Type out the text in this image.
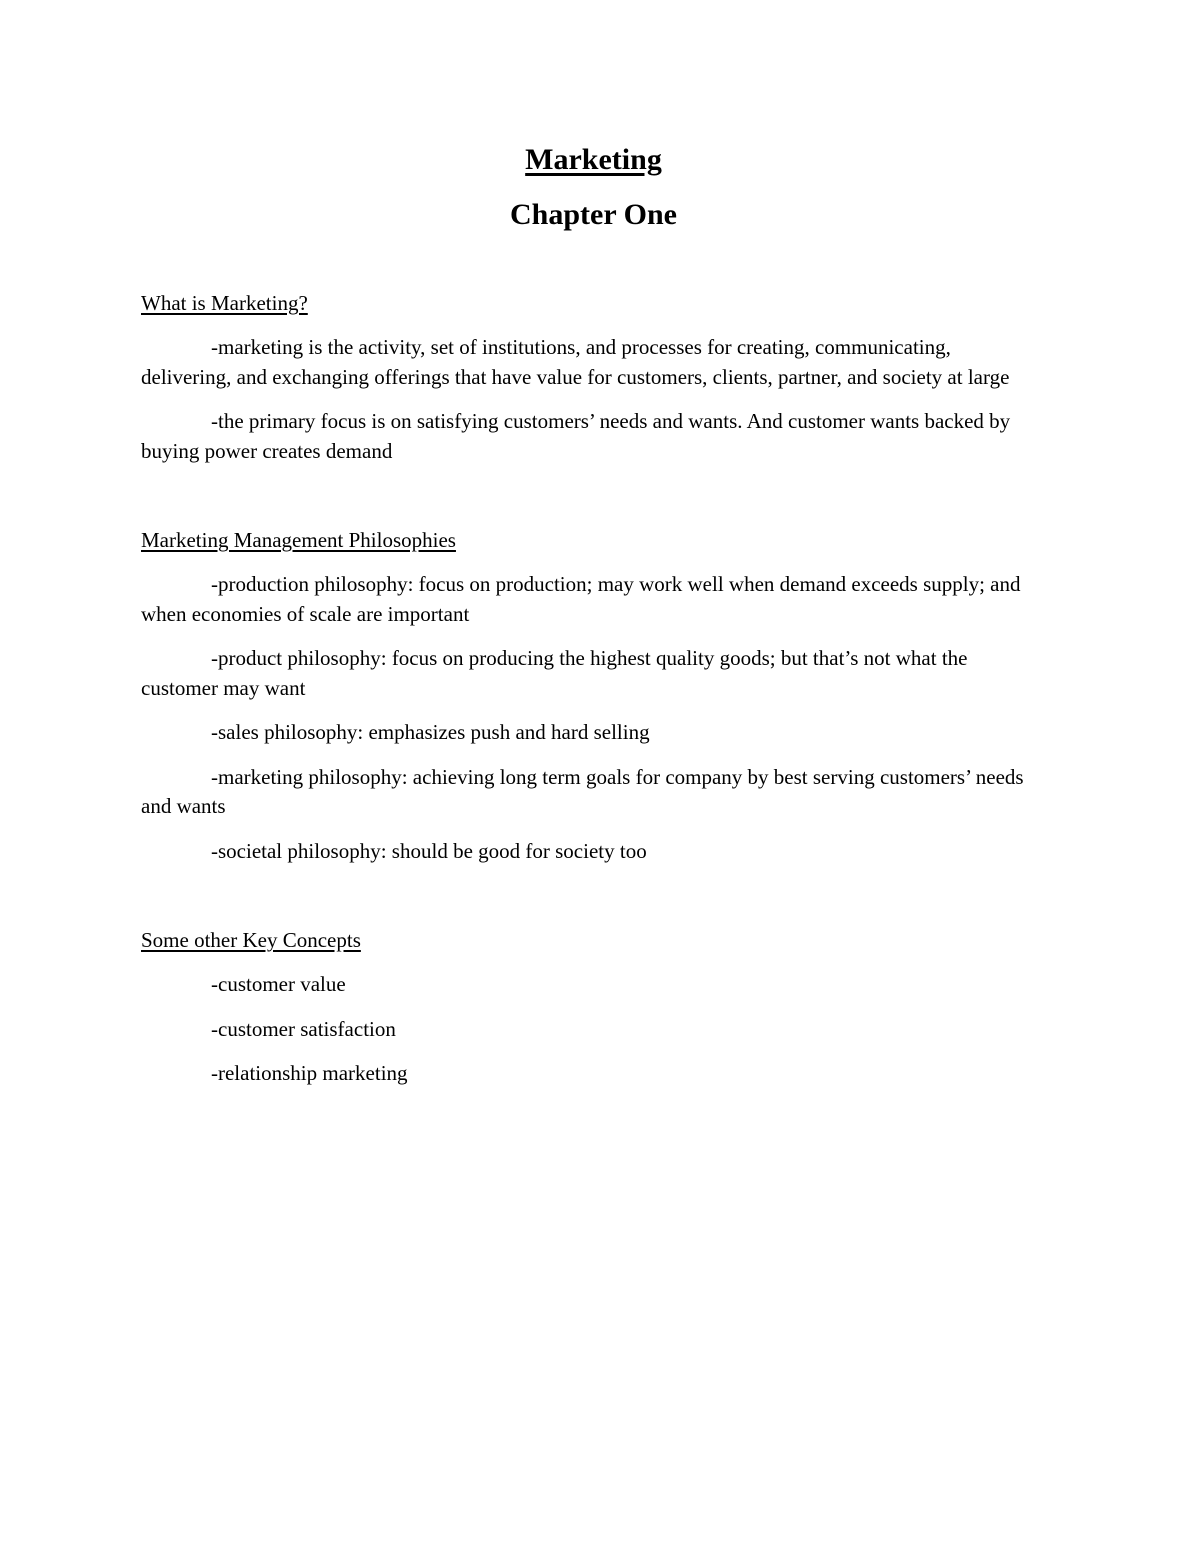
Marketing
Chapter One

What is Marketing?

-marketing is the activity, set of institutions, and processes for creating, communicating, delivering, and exchanging offerings that have value for customers, clients, partner, and society at large

-the primary focus is on satisfying customers’ needs and wants. And customer wants backed by buying power creates demand

Marketing Management Philosophies

-production philosophy: focus on production; may work well when demand exceeds supply; and when economies of scale are important

-product philosophy: focus on producing the highest quality goods; but that’s not what the customer may want

-sales philosophy: emphasizes push and hard selling

-marketing philosophy: achieving long term goals for company by best serving customers’ needs and wants

-societal philosophy: should be good for society too

Some other Key Concepts

-customer value

-customer satisfaction

-relationship marketing
